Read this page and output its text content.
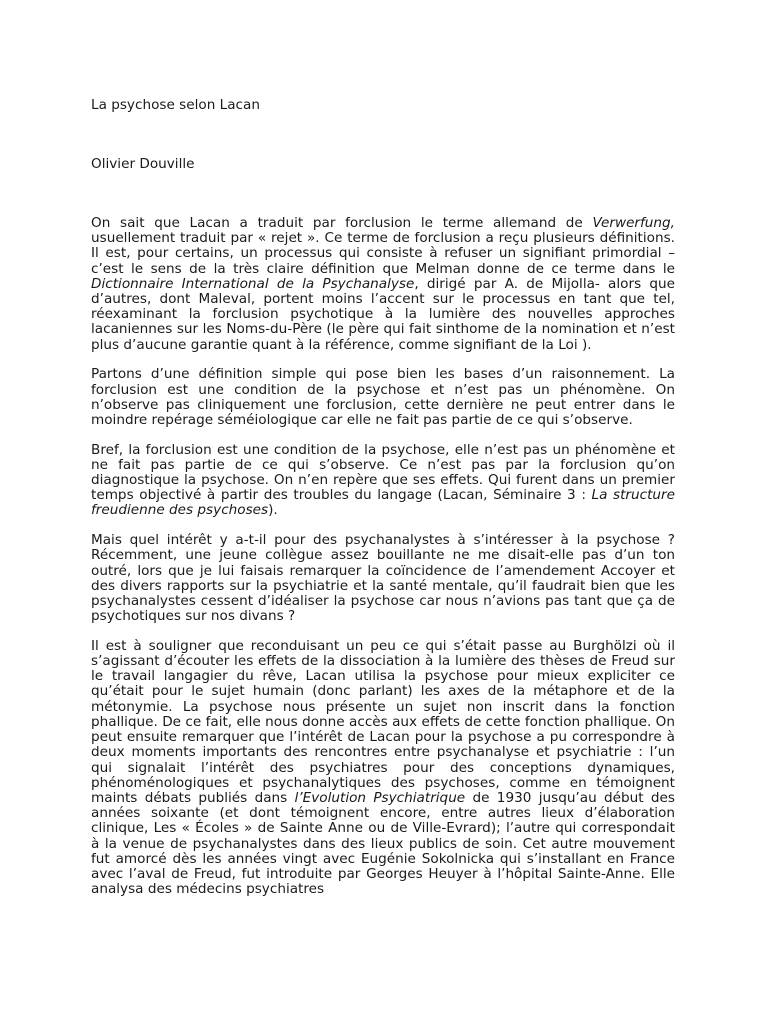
La psychose selon Lacan
Olivier Douville

On sait que Lacan a traduit par forclusion le terme allemand de Verwerfung, usuellement traduit par « rejet ». Ce terme de forclusion a reçu plusieurs définitions. Il est, pour certains, un processus qui consiste à refuser un signifiant primordial –c’est le sens de la très claire définition que Melman donne de ce terme dans le Dictionnaire International de la Psychanalyse, dirigé par A. de Mijolla- alors que d’autres, dont Maleval, portent moins l’accent sur le processus en tant que tel, réexaminant la forclusion psychotique à la lumière des nouvelles approches lacaniennes sur les Noms-du-Père (le père qui fait sinthome de la nomination et n’est plus d’aucune garantie quant à la référence, comme signifiant de la Loi ).

Partons d’une définition simple qui pose bien les bases d’un raisonnement. La forclusion est une condition de la psychose et n’est pas un phénomène. On n’observe pas cliniquement une forclusion, cette dernière ne peut entrer dans le moindre repérage séméiologique car elle ne fait pas partie de ce qui s’observe.

Bref, la forclusion est une condition de la psychose, elle n’est pas un phénomène et ne fait pas partie de ce qui s’observe. Ce n’est pas par la forclusion qu’on diagnostique la psychose. On n’en repère que ses effets. Qui furent dans un premier temps objectivé à partir des troubles du langage (Lacan, Séminaire 3 : La structure freudienne des psychoses).

Mais quel intérêt y a-t-il pour des psychanalystes à s’intéresser à la psychose ? Récemment, une jeune collègue assez bouillante ne me disait-elle pas d’un ton outré, lors que je lui faisais remarquer la coïncidence de l’amendement Accoyer et des divers rapports sur la psychiatrie et la santé mentale, qu’il faudrait bien que les psychanalystes cessent d’idéaliser la psychose car nous n’avions pas tant que ça de psychotiques sur nos divans ?

Il est à souligner que reconduisant un peu ce qui s’était passe au Burghölzi où il s’agissant d’écouter les effets de la dissociation à la lumière des thèses de Freud sur le travail langagier du rêve, Lacan utilisa la psychose pour mieux expliciter ce qu’était pour le sujet humain (donc parlant) les axes de la métaphore et de la métonymie. La psychose nous présente un sujet non inscrit dans la fonction phallique. De ce fait, elle nous donne accès aux effets de cette fonction phallique. On peut ensuite remarquer que l’intérêt de Lacan pour la psychose a pu correspondre à deux moments importants des rencontres entre psychanalyse et psychiatrie : l’un qui signalait l’intérêt des psychiatres pour des conceptions dynamiques, phénoménologiques et psychanalytiques des psychoses, comme en témoignent maints débats publiés dans l’Evolution Psychiatrique de 1930 jusqu’au début des années soixante (et dont témoignent encore, entre autres lieux d’élaboration clinique, Les « Écoles » de Sainte Anne ou de Ville-Evrard); l’autre qui correspondait à la venue de psychanalystes dans des lieux publics de soin. Cet autre mouvement fut amorcé dès les années vingt avec Eugénie Sokolnicka qui s’installant en France avec l’aval de Freud, fut introduite par Georges Heuyer à l’hôpital Sainte-Anne. Elle analysa des médecins psychiatres
